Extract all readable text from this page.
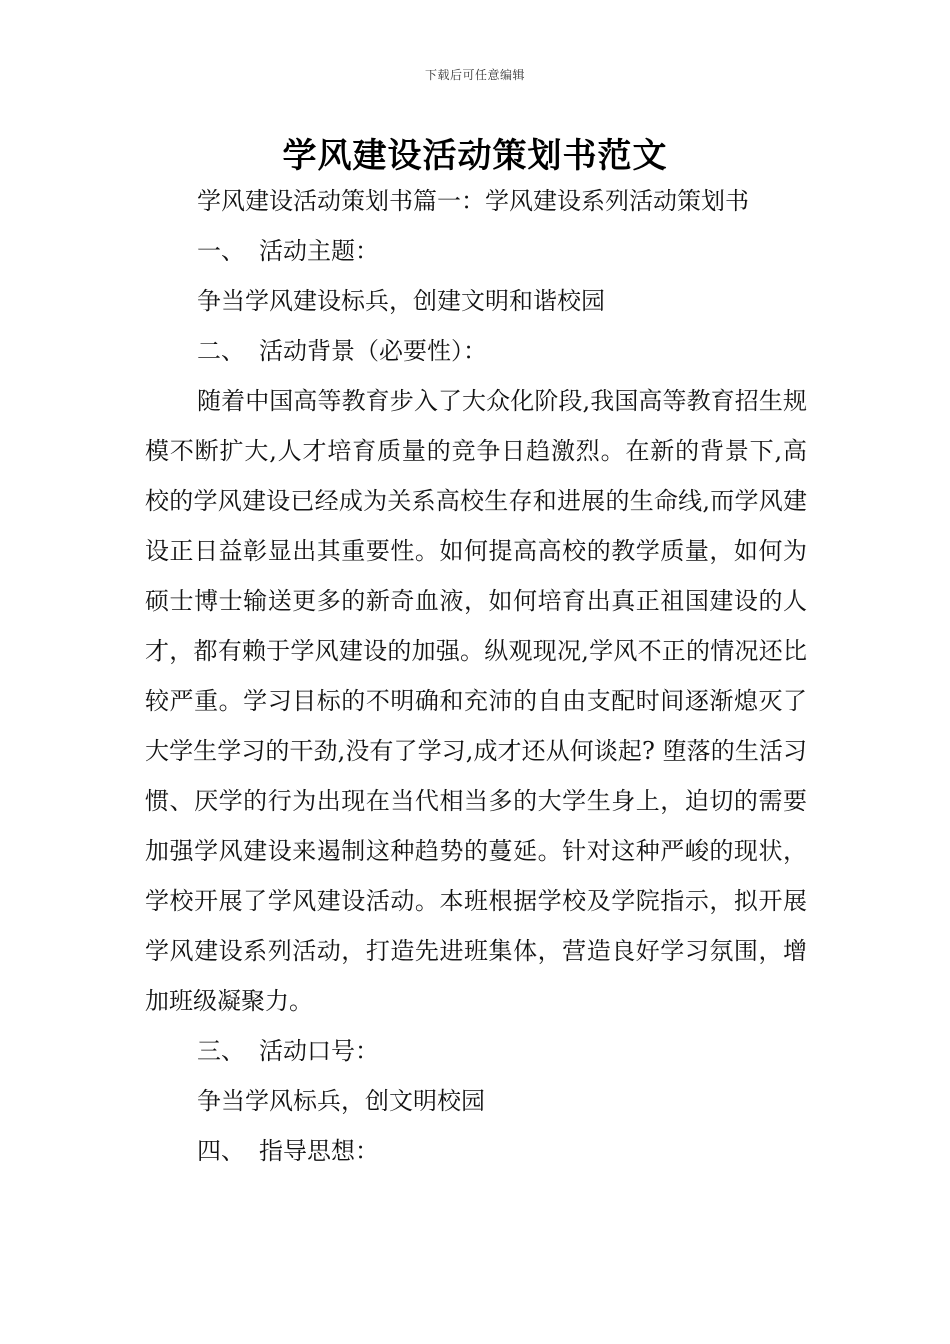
下载后可任意编辑
学风建设活动策划书范文
学风建设活动策划书篇一：学风建设系列活动策划书
一、 活动主题：
争当学风建设标兵，创建文明和谐校园
二、 活动背景（必要性）：

随着中国高等教育步入了大众化阶段,我国高等教育招生规模不断扩大,人才培育质量的竞争日趋激烈。在新的背景下,高校的学风建设已经成为关系高校生存和进展的生命线,而学风建设正日益彰显出其重要性。如何提高高校的教学质量，如何为硕士博士输送更多的新奇血液，如何培育出真正祖国建设的人才，都有赖于学风建设的加强。纵观现况,学风不正的情况还比较严重。学习目标的不明确和充沛的自由支配时间逐渐熄灭了大学生学习的干劲,没有了学习,成才还从何谈起? 堕落的生活习惯、厌学的行为出现在当代相当多的大学生身上，迫切的需要加强学风建设来遏制这种趋势的蔓延。针对这种严峻的现状，学校开展了学风建设活动。本班根据学校及学院指示，拟开展学风建设系列活动，打造先进班集体，营造良好学习氛围，增加班级凝聚力。

三、 活动口号：
争当学风标兵，创文明校园
四、 指导思想：
